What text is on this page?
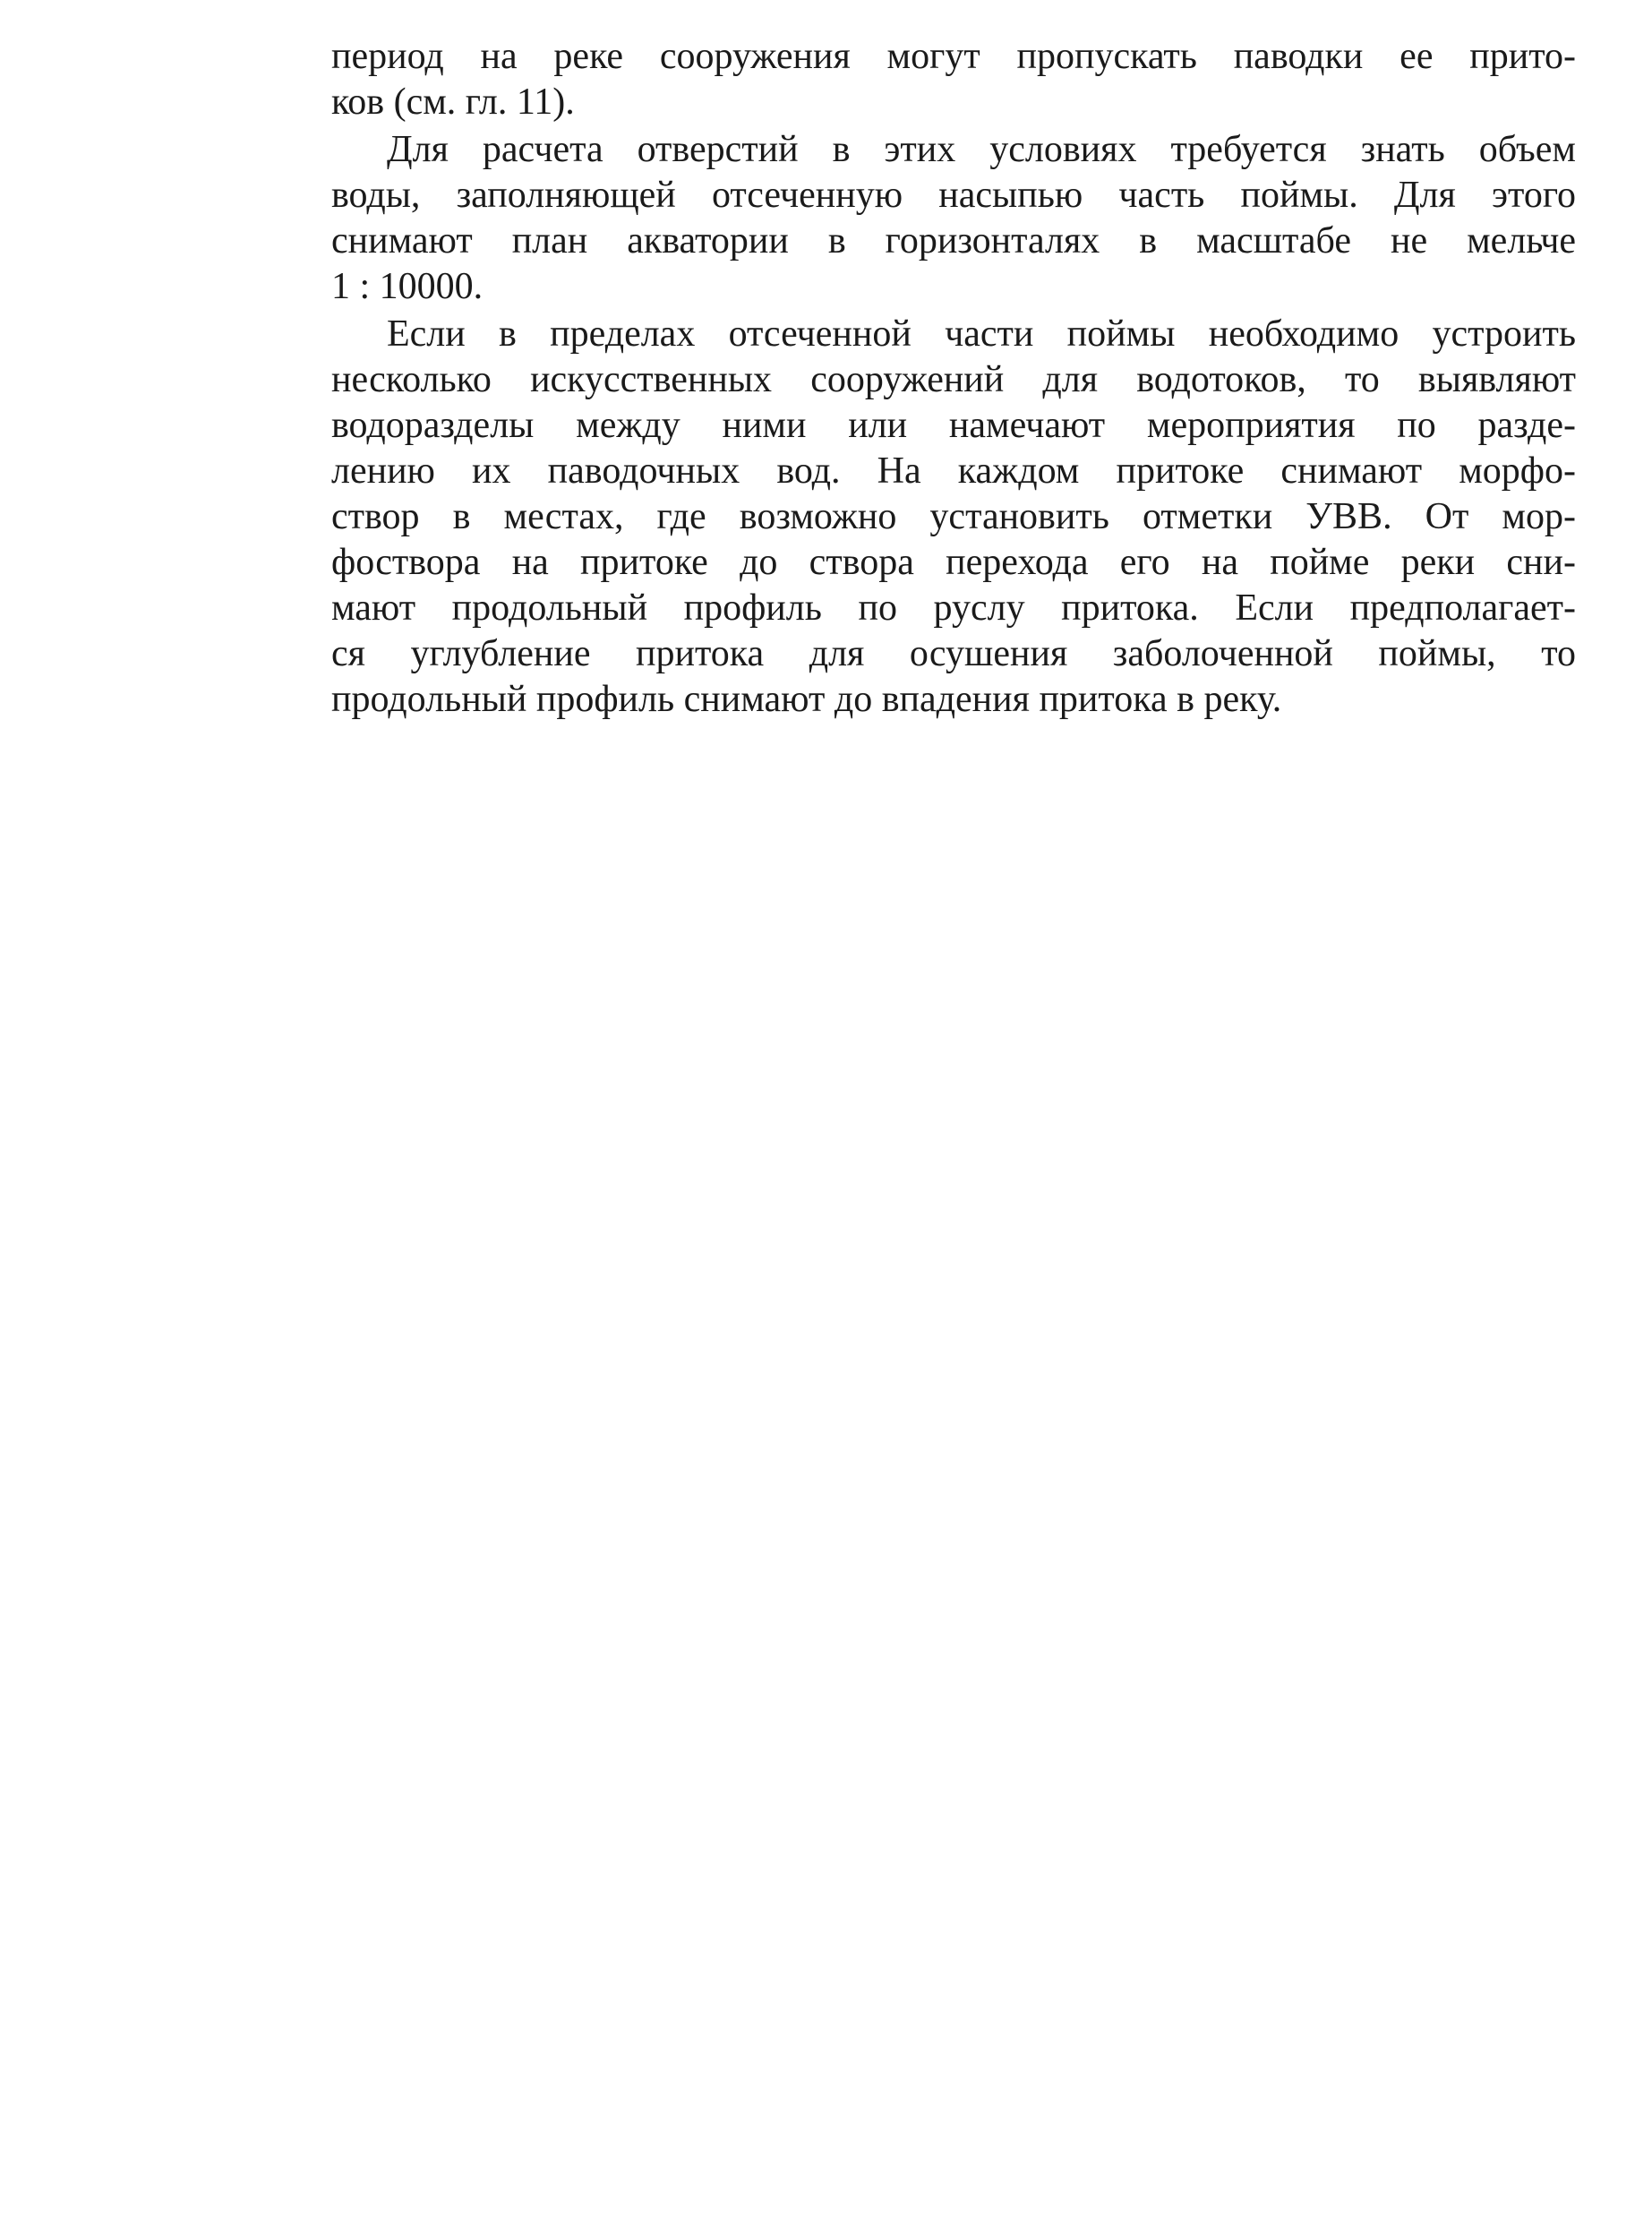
период на реке сооружения могут пропускать паводки ее прито-
ков (см. гл. 11).
Для расчета отверстий в этих условиях требуется знать объем
воды, заполняющей отсеченную насыпью часть поймы. Для этого
снимают план акватории в горизонталях в масштабе не мельче
1 : 10000.
Если в пределах отсеченной части поймы необходимо устроить
несколько искусственных сооружений для водотоков, то выявляют
водоразделы между ними или намечают мероприятия по разде-
лению их паводочных вод. На каждом притоке снимают морфо-
створ в местах, где возможно установить отметки УВВ. От мор-
фоствора на притоке до створа перехода его на пойме реки сни-
мают продольный профиль по руслу притока. Если предполагает-
ся углубление притока для осушения заболоченной поймы, то
продольный профиль снимают до впадения притока в реку.
